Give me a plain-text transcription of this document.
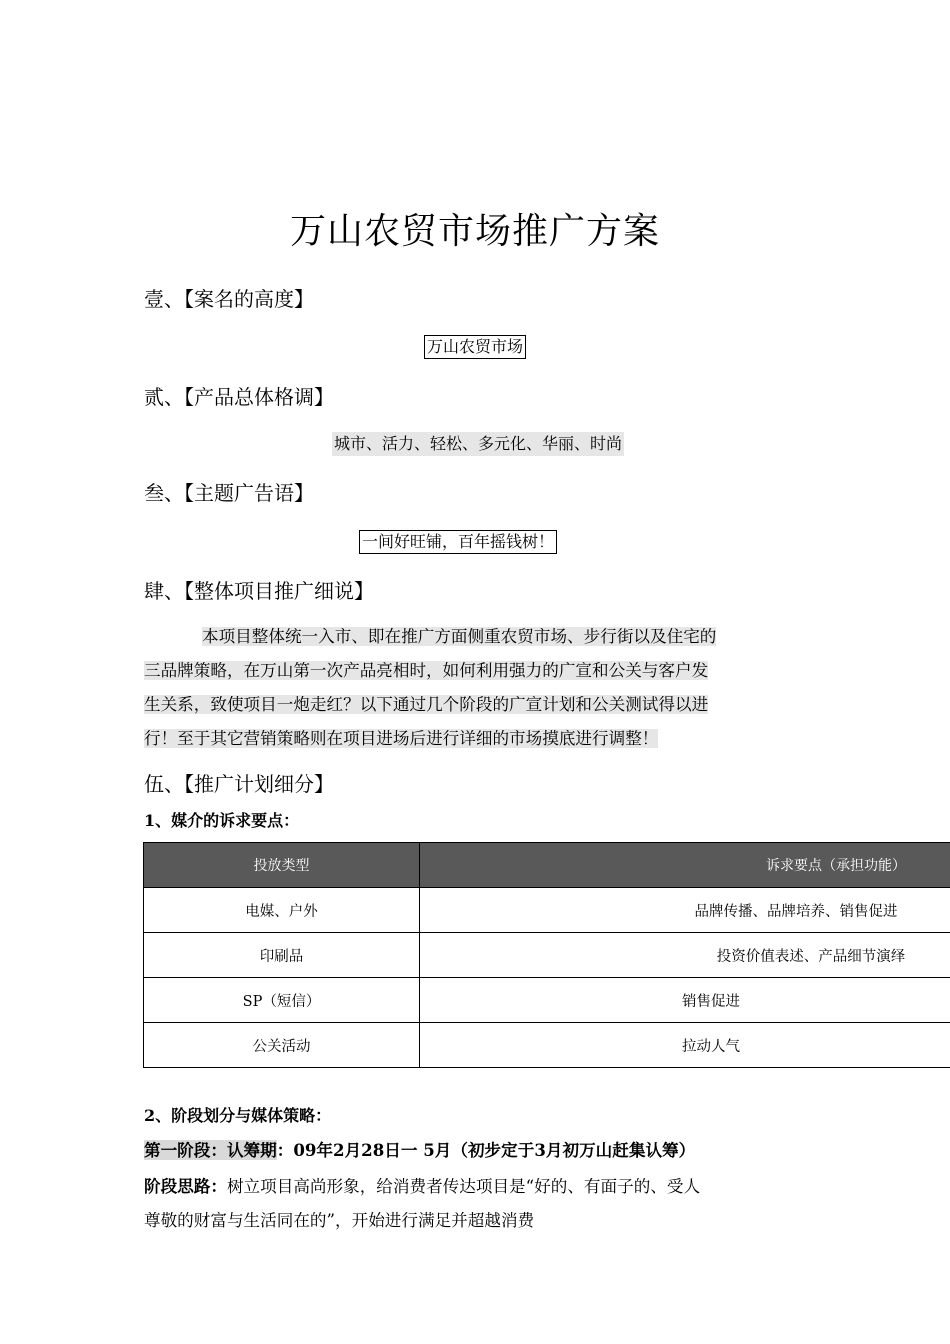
万山农贸市场推广方案
壹、【案名的高度】
万山农贸市场
贰、【产品总体格调】
城市、活力、轻松、多元化、华丽、时尚
叁、【主题广告语】
一间好旺铺，百年摇钱树！
肆、【整体项目推广细说】
本项目整体统一入市、即在推广方面侧重农贸市场、步行街以及住宅的
三品牌策略，在万山第一次产品亮相时，如何利用强力的广宣和公关与客户发
生关系，致使项目一炮走红？以下通过几个阶段的广宣计划和公关测试得以进
行！至于其它营销策略则在项目进场后进行详细的市场摸底进行调整！
伍、【推广计划细分】
1、媒介的诉求要点：
投放类型	诉求要点（承担功能）
电媒、户外	品牌传播、品牌培养、销售促进
印刷品	投资价值表述、产品细节演绎
SP（短信）	销售促进
公关活动	拉动人气
2、阶段划分与媒体策略：
第一阶段：认筹期：09年2月28日一 5月（初步定于3月初万山赶集认筹）
阶段思路：树立项目高尚形象，给消费者传达项目是“好的、有面子的、受人
尊敬的财富与生活同在的”，开始进行满足并超越消费
